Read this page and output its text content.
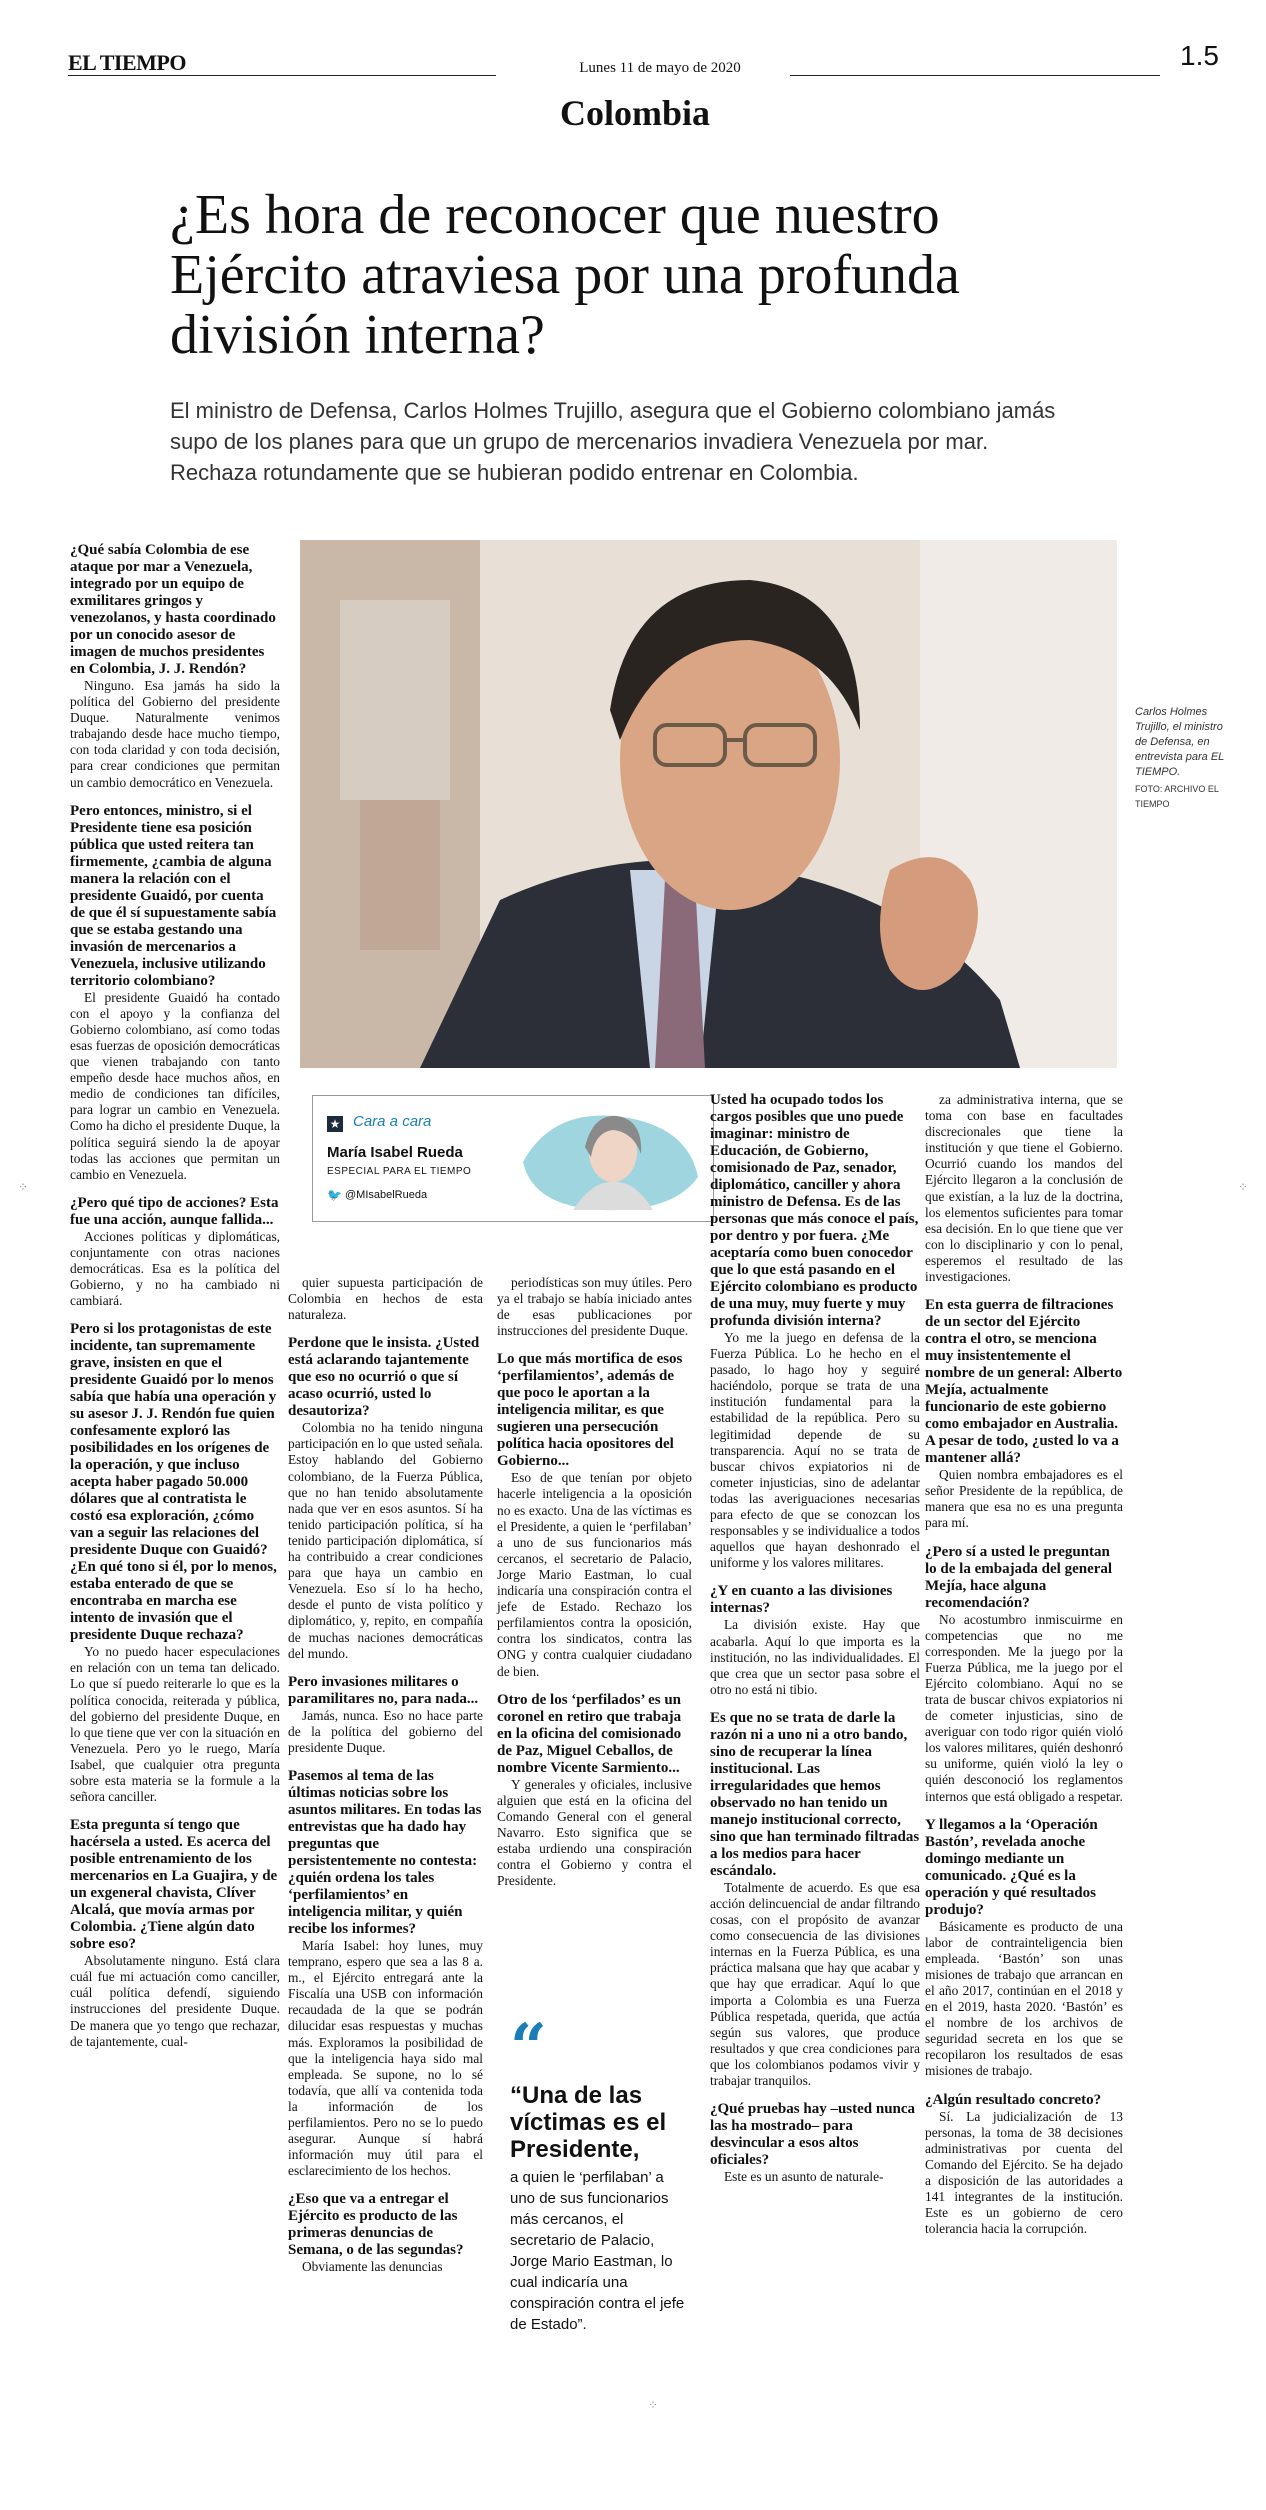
EL TIEMPO	Lunes 11 de mayo de 2020	1.5
Colombia
¿Es hora de reconocer que nuestro Ejército atraviesa por una profunda división interna?
El ministro de Defensa, Carlos Holmes Trujillo, asegura que el Gobierno colombiano jamás supo de los planes para que un grupo de mercenarios invadiera Venezuela por mar. Rechaza rotundamente que se hubieran podido entrenar en Colombia.
Carlos Holmes Trujillo, el ministro de Defensa, en entrevista para EL TIEMPO.
FOTO: ARCHIVO EL TIEMPO
★ Cara a cara
María Isabel Rueda
ESPECIAL PARA EL TIEMPO
🐦 @MIsabelRueda

¿Qué sabía Colombia de ese ataque por mar a Venezuela, integrado por un equipo de exmilitares gringos y venezolanos, y hasta coordinado por un conocido asesor de imagen de muchos presidentes en Colombia, J. J. Rendón?

Ninguno. Esa jamás ha sido la política del Gobierno del presidente Duque. Naturalmente venimos trabajando desde hace mucho tiempo, con toda claridad y con toda decisión, para crear condiciones que permitan un cambio democrático en Venezuela.

Pero entonces, ministro, si el Presidente tiene esa posición pública que usted reitera tan firmemente, ¿cambia de alguna manera la relación con el presidente Guaidó, por cuenta de que él sí supuestamente sabía que se estaba gestando una invasión de mercenarios a Venezuela, inclusive utilizando territorio colombiano?

El presidente Guaidó ha contado con el apoyo y la confianza del Gobierno colombiano, así como todas esas fuerzas de oposición democráticas que vienen trabajando con tanto empeño desde hace muchos años, en medio de condiciones tan difíciles, para lograr un cambio en Venezuela. Como ha dicho el presidente Duque, la política seguirá siendo la de apoyar todas las acciones que permitan un cambio en Venezuela.

¿Pero qué tipo de acciones? Esta fue una acción, aunque fallida...

Acciones políticas y diplomáticas, conjuntamente con otras naciones democráticas. Esa es la política del Gobierno, y no ha cambiado ni cambiará.

Pero si los protagonistas de este incidente, tan supremamente grave, insisten en que el presidente Guaidó por lo menos sabía que había una operación y su asesor J. J. Rendón fue quien confesamente exploró las posibilidades en los orígenes de la operación, y que incluso acepta haber pagado 50.000 dólares que al contratista le costó esa exploración, ¿cómo van a seguir las relaciones del presidente Duque con Guaidó? ¿En qué tono si él, por lo menos, estaba enterado de que se encontraba en marcha ese intento de invasión que el presidente Duque rechaza?

Yo no puedo hacer especulaciones en relación con un tema tan delicado. Lo que sí puedo reiterarle lo que es la política conocida, reiterada y pública, del gobierno del presidente Duque, en lo que tiene que ver con la situación en Venezuela. Pero yo le ruego, María Isabel, que cualquier otra pregunta sobre esta materia se la formule a la señora canciller.

Esta pregunta sí tengo que hacérsela a usted. Es acerca del posible entrenamiento de los mercenarios en La Guajira, y de un exgeneral chavista, Clíver Alcalá, que movía armas por Colombia. ¿Tiene algún dato sobre eso?

Absolutamente ninguno. Está clara cuál fue mi actuación como canciller, cuál política defendí, siguiendo instrucciones del presidente Duque. De manera que yo tengo que rechazar, de tajantemente, cual-

quier supuesta participación de Colombia en hechos de esta naturaleza.

Perdone que le insista. ¿Usted está aclarando tajantemente que eso no ocurrió o que sí acaso ocurrió, usted lo desautoriza?

Colombia no ha tenido ninguna participación en lo que usted señala. Estoy hablando del Gobierno colombiano, de la Fuerza Pública, que no han tenido absolutamente nada que ver en esos asuntos. Sí ha tenido participación política, sí ha tenido participación diplomática, sí ha contribuido a crear condiciones para que haya un cambio en Venezuela. Eso sí lo ha hecho, desde el punto de vista político y diplomático, y, repito, en compañía de muchas naciones democráticas del mundo.

Pero invasiones militares o paramilitares no, para nada...

Jamás, nunca. Eso no hace parte de la política del gobierno del presidente Duque.

Pasemos al tema de las últimas noticias sobre los asuntos militares. En todas las entrevistas que ha dado hay preguntas que persistentemente no contesta: ¿quién ordena los tales ‘perfilamientos’ en inteligencia militar, y quién recibe los informes?

María Isabel: hoy lunes, muy temprano, espero que sea a las 8 a. m., el Ejército entregará ante la Fiscalía una USB con información recaudada de la que se podrán dilucidar esas respuestas y muchas más. Exploramos la posibilidad de que la inteligencia haya sido mal empleada. Se supone, no lo sé todavía, que allí va contenida toda la información de los perfilamientos. Pero no se lo puedo asegurar. Aunque sí habrá información muy útil para el esclarecimiento de los hechos.

¿Eso que va a entregar el Ejército es producto de las primeras denuncias de Semana, o de las segundas?

Obviamente las denuncias

periodísticas son muy útiles. Pero ya el trabajo se había iniciado antes de esas publicaciones por instrucciones del presidente Duque.

Lo que más mortifica de esos ‘perfilamientos’, además de que poco le aportan a la inteligencia militar, es que sugieren una persecución política hacia opositores del Gobierno...

Eso de que tenían por objeto hacerle inteligencia a la oposición no es exacto. Una de las víctimas es el Presidente, a quien le ‘perfilaban’ a uno de sus funcionarios más cercanos, el secretario de Palacio, Jorge Mario Eastman, lo cual indicaría una conspiración contra el jefe de Estado. Rechazo los perfilamientos contra la oposición, contra los sindicatos, contra las ONG y contra cualquier ciudadano de bien.

Otro de los ‘perfilados’ es un coronel en retiro que trabaja en la oficina del comisionado de Paz, Miguel Ceballos, de nombre Vicente Sarmiento...

Y generales y oficiales, inclusive alguien que está en la oficina del Comando General con el general Navarro. Esto significa que se estaba urdiendo una conspiración contra el Gobierno y contra el Presidente.

Usted ha ocupado todos los cargos posibles que uno puede imaginar: ministro de Educación, de Gobierno, comisionado de Paz, senador, diplomático, canciller y ahora ministro de Defensa. Es de las personas que más conoce el país, por dentro y por fuera. ¿Me aceptaría como buen conocedor que lo que está pasando en el Ejército colombiano es producto de una muy, muy fuerte y muy profunda división interna?

Yo me la juego en defensa de la Fuerza Pública. Lo he hecho en el pasado, lo hago hoy y seguiré haciéndolo, porque se trata de una institución fundamental para la estabilidad de la república. Pero su legitimidad depende de su transparencia. Aquí no se trata de buscar chivos expiatorios ni de cometer injusticias, sino de adelantar todas las averiguaciones necesarias para efecto de que se conozcan los responsables y se individualice a todos aquellos que hayan deshonrado el uniforme y los valores militares.

¿Y en cuanto a las divisiones internas?

La división existe. Hay que acabarla. Aquí lo que importa es la institución, no las individualidades. El que crea que un sector pasa sobre el otro no está ni tibio.

Es que no se trata de darle la razón ni a uno ni a otro bando, sino de recuperar la línea institucional. Las irregularidades que hemos observado no han tenido un manejo institucional correcto, sino que han terminado filtradas a los medios para hacer escándalo.

Totalmente de acuerdo. Es que esa acción delincuencial de andar filtrando cosas, con el propósito de avanzar como consecuencia de las divisiones internas en la Fuerza Pública, es una práctica malsana que hay que acabar y que hay que erradicar. Aquí lo que importa a Colombia es una Fuerza Pública respetada, querida, que actúa según sus valores, que produce resultados y que crea condiciones para que los colombianos podamos vivir y trabajar tranquilos.

¿Qué pruebas hay –usted nunca las ha mostrado– para desvincular a esos altos oficiales?

Este es un asunto de naturale-

za administrativa interna, que se toma con base en facultades discrecionales que tiene la institución y que tiene el Gobierno. Ocurrió cuando los mandos del Ejército llegaron a la conclusión de que existían, a la luz de la doctrina, los elementos suficientes para tomar esa decisión. En lo que tiene que ver con lo disciplinario y con lo penal, esperemos el resultado de las investigaciones.

En esta guerra de filtraciones de un sector del Ejército contra el otro, se menciona muy insistentemente el nombre de un general: Alberto Mejía, actualmente funcionario de este gobierno como embajador en Australia. A pesar de todo, ¿usted lo va a mantener allá?

Quien nombra embajadores es el señor Presidente de la república, de manera que esa no es una pregunta para mí.

¿Pero sí a usted le preguntan lo de la embajada del general Mejía, hace alguna recomendación?

No acostumbro inmiscuirme en competencias que no me corresponden. Me la juego por la Fuerza Pública, me la juego por el Ejército colombiano. Aquí no se trata de buscar chivos expiatorios ni de cometer injusticias, sino de averiguar con todo rigor quién violó los valores militares, quién deshonró su uniforme, quién violó la ley o quién desconoció los reglamentos internos que está obligado a respetar.

Y llegamos a la ‘Operación Bastón’, revelada anoche domingo mediante un comunicado. ¿Qué es la operación y qué resultados produjo?

Básicamente es producto de una labor de contrainteligencia bien empleada. ‘Bastón’ son unas misiones de trabajo que arrancan en el año 2017, continúan en el 2018 y en el 2019, hasta 2020. ‘Bastón’ es el nombre de los archivos de seguridad secreta en los que se recopilaron los resultados de esas misiones de trabajo.

¿Algún resultado concreto?

Sí. La judicialización de 13 personas, la toma de 38 decisiones administrativas por cuenta del Comando del Ejército. Se ha dejado a disposición de las autoridades a 141 integrantes de la institución. Este es un gobierno de cero tolerancia hacia la corrupción.

“
“Una de las víctimas es el Presidente,
a quien le ‘perfilaban’ a uno de sus funcionarios más cercanos, el secretario de Palacio, Jorge Mario Eastman, lo cual indicaría una conspiración contra el jefe de Estado”.
⁘	⁘
⁘
